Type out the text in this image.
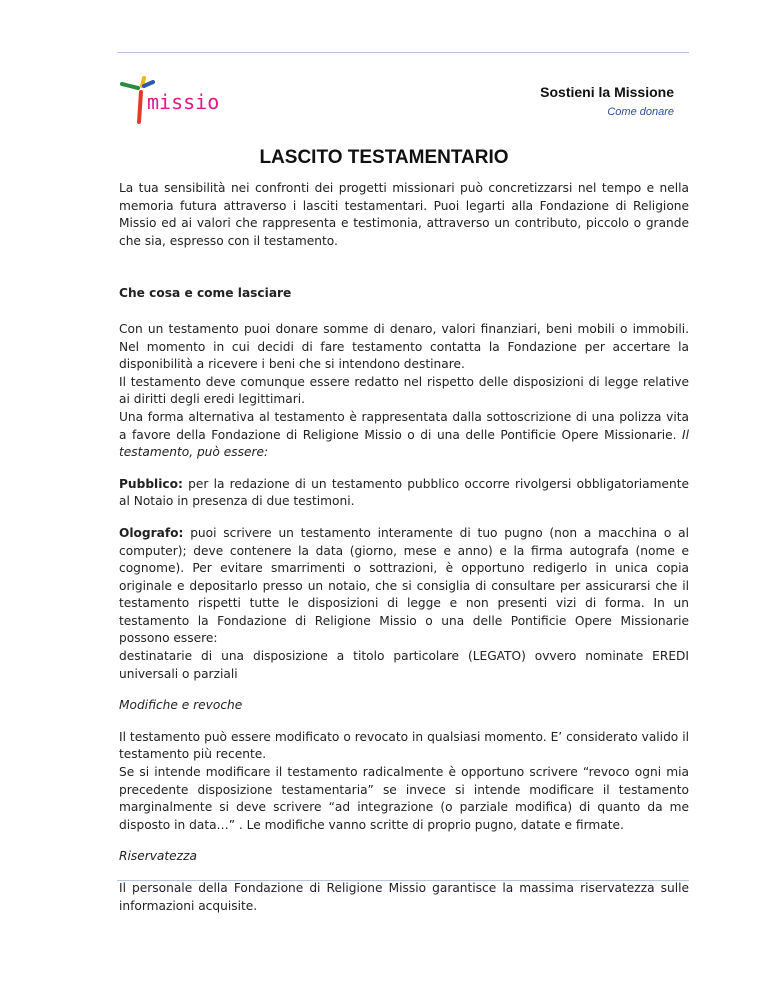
missio	Sostieni la Missione
Come donare
LASCITO TESTAMENTARIO

La tua sensibilità nei confronti dei progetti missionari può concretizzarsi nel tempo e nella memoria futura attraverso i lasciti testamentari. Puoi legarti alla Fondazione di Religione Missio ed ai valori che rappresenta e testimonia, attraverso un contributo, piccolo o grande che sia, espresso con il testamento.

Che cosa e come lasciare

Con un testamento puoi donare somme di denaro, valori finanziari, beni mobili o immobili. Nel momento in cui decidi di fare testamento contatta la Fondazione per accertare la disponibilità a ricevere i beni che si intendono destinare.

Il testamento deve comunque essere redatto nel rispetto delle disposizioni di legge relative ai diritti degli eredi legittimari.

Una forma alternativa al testamento è rappresentata dalla sottoscrizione di una polizza vita a favore della Fondazione di Religione Missio o di una delle Pontificie Opere Missionarie. Il testamento, può essere:

Pubblico: per la redazione di un testamento pubblico occorre rivolgersi obbligatoriamente al Notaio in presenza di due testimoni.

Olografo: puoi scrivere un testamento interamente di tuo pugno (non a macchina o al computer); deve contenere la data (giorno, mese e anno) e la firma autografa (nome e cognome). Per evitare smarrimenti o sottrazioni, è opportuno redigerlo in unica copia originale e depositarlo presso un notaio, che si consiglia di consultare per assicurarsi che il testamento rispetti tutte le disposizioni di legge e non presenti vizi di forma. In un testamento la Fondazione di Religione Missio o una delle Pontificie Opere Missionarie possono essere:

destinatarie di una disposizione a titolo particolare (LEGATO) ovvero nominate EREDI universali o parziali

Modifiche e revoche

Il testamento può essere modificato o revocato in qualsiasi momento. E’ considerato valido il testamento più recente.

Se si intende modificare il testamento radicalmente è opportuno scrivere “revoco ogni mia precedente disposizione testamentaria” se invece si intende modificare il testamento marginalmente si deve scrivere “ad integrazione (o parziale modifica) di quanto da me disposto in data…” . Le modifiche vanno scritte di proprio pugno, datate e firmate.

Riservatezza

Il personale della Fondazione di Religione Missio garantisce la massima riservatezza sulle informazioni acquisite.
